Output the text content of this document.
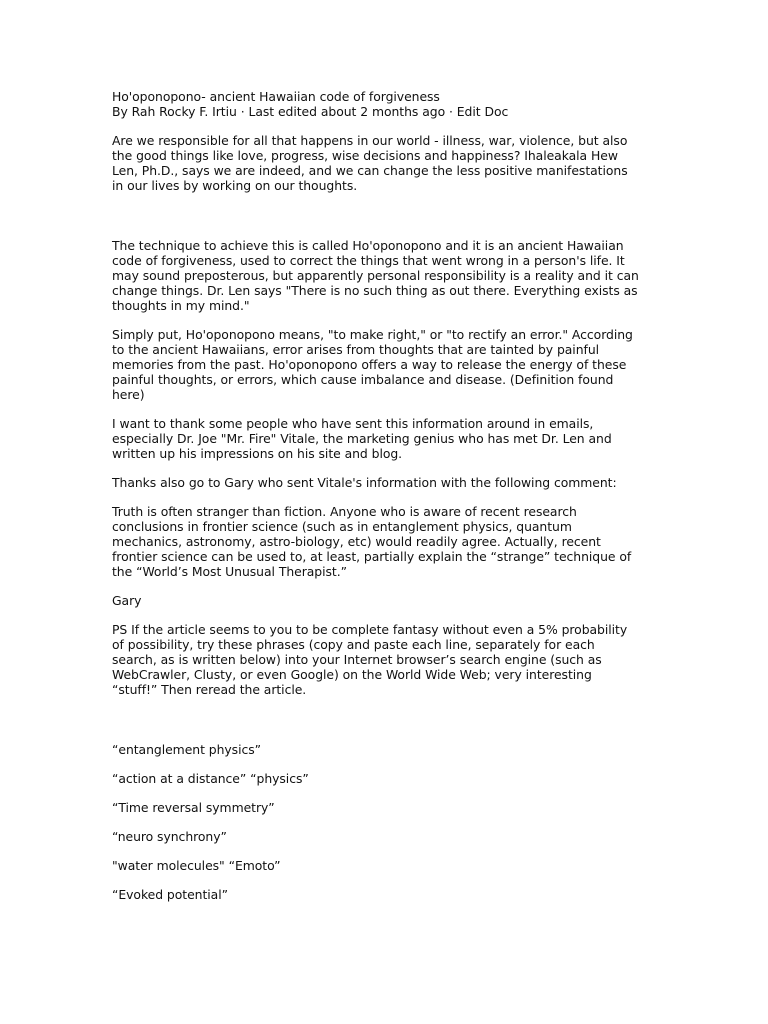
Ho'oponopono- ancient Hawaiian code of forgiveness
By Rah Rocky F. Irtiu · Last edited about 2 months ago · Edit Doc
Are we responsible for all that happens in our world - illness, war, violence, but also
the good things like love, progress, wise decisions and happiness? Ihaleakala Hew
Len, Ph.D., says we are indeed, and we can change the less positive manifestations
in our lives by working on our thoughts.
The technique to achieve this is called Ho'oponopono and it is an ancient Hawaiian
code of forgiveness, used to correct the things that went wrong in a person's life. It
may sound preposterous, but apparently personal responsibility is a reality and it can
change things. Dr. Len says "There is no such thing as out there. Everything exists as
thoughts in my mind."
Simply put, Ho'oponopono means, "to make right," or "to rectify an error." According
to the ancient Hawaiians, error arises from thoughts that are tainted by painful
memories from the past. Ho'oponopono offers a way to release the energy of these
painful thoughts, or errors, which cause imbalance and disease. (Definition found
here)
I want to thank some people who have sent this information around in emails,
especially Dr. Joe "Mr. Fire" Vitale, the marketing genius who has met Dr. Len and
written up his impressions on his site and blog.
Thanks also go to Gary who sent Vitale's information with the following comment:
Truth is often stranger than fiction. Anyone who is aware of recent research
conclusions in frontier science (such as in entanglement physics, quantum
mechanics, astronomy, astro-biology, etc) would readily agree. Actually, recent
frontier science can be used to, at least, partially explain the “strange” technique of
the “World’s Most Unusual Therapist.”
Gary
PS If the article seems to you to be complete fantasy without even a 5% probability
of possibility, try these phrases (copy and paste each line, separately for each
search, as is written below) into your Internet browser’s search engine (such as
WebCrawler, Clusty, or even Google) on the World Wide Web; very interesting
“stuff!” Then reread the article.
“entanglement physics”
“action at a distance” “physics”
“Time reversal symmetry”
“neuro synchrony”
"water molecules" “Emoto”
“Evoked potential”
